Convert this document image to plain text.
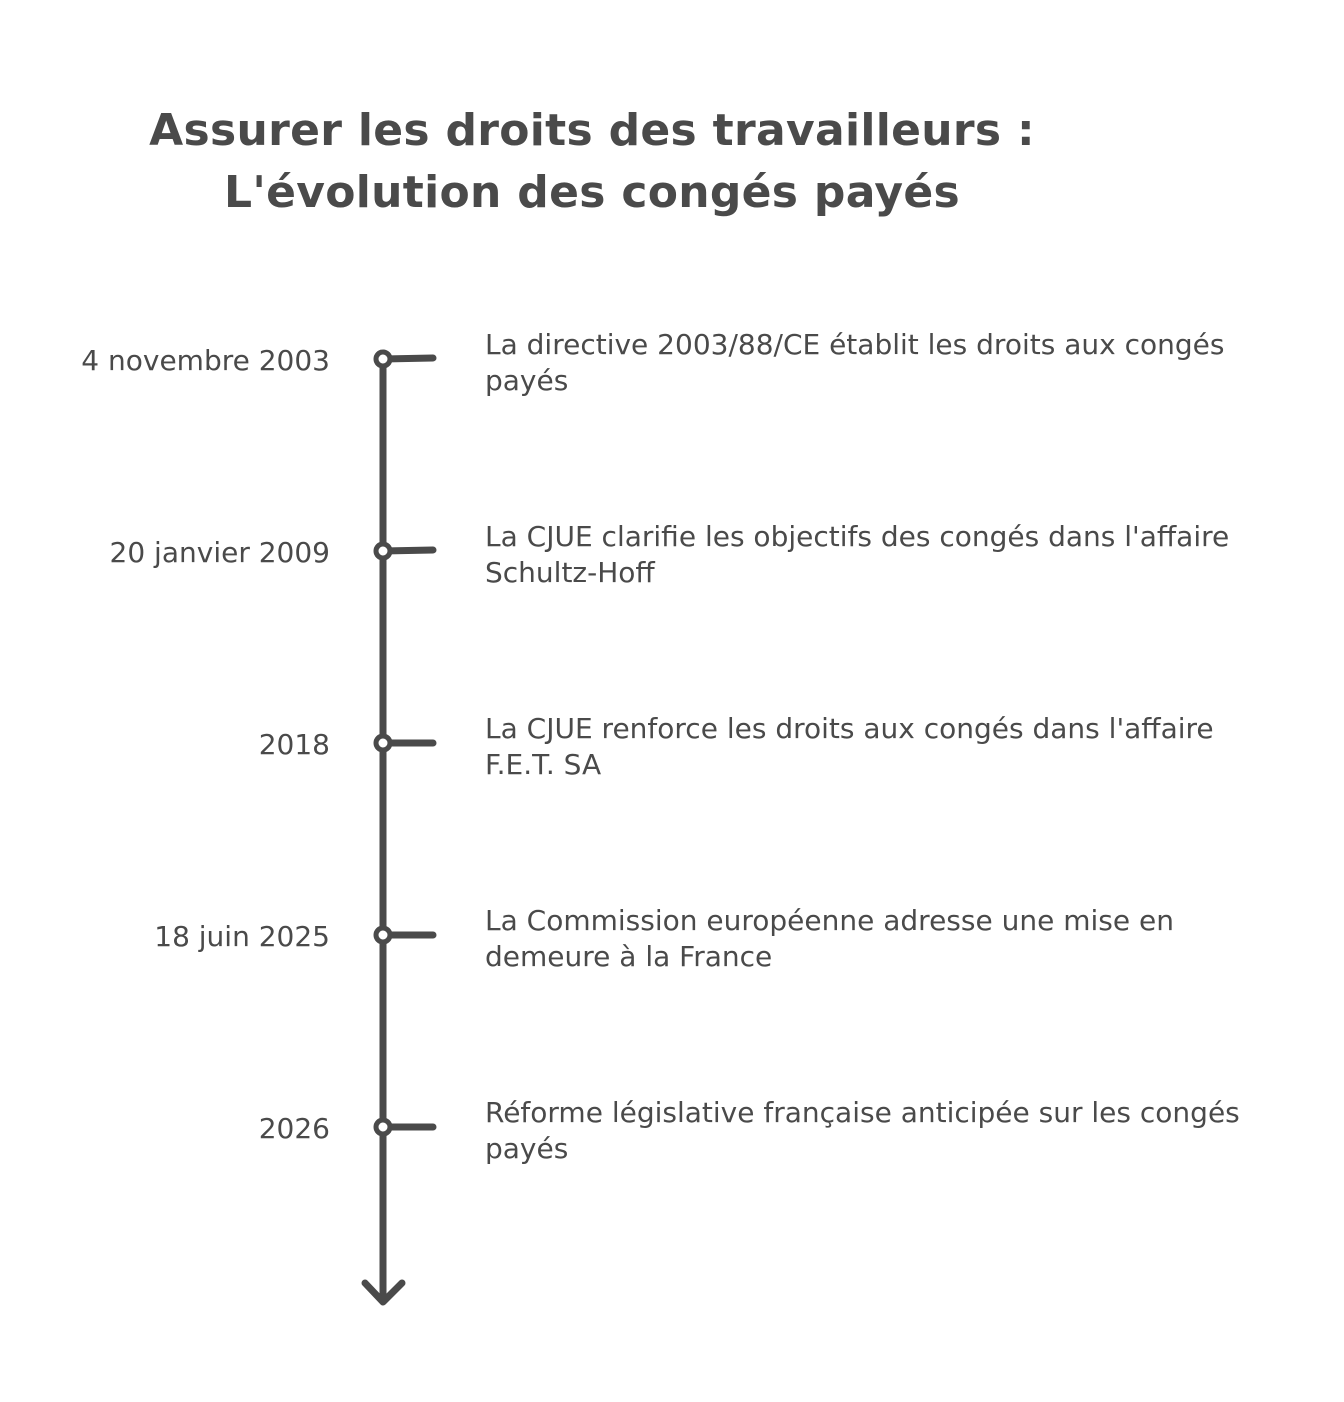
Assurer les droits des travailleurs :
L'évolution des congés payés
4 novembre 2003	La directive 2003/88/CE établit les droits aux congés payés
20 janvier 2009	La CJUE clarifie les objectifs des congés dans l'affaire Schultz-Hoff
2018	La CJUE renforce les droits aux congés dans l'affaire F.E.T. SA
18 juin 2025	La Commission européenne adresse une mise en demeure à la France
2026	Réforme législative française anticipée sur les congés payés
